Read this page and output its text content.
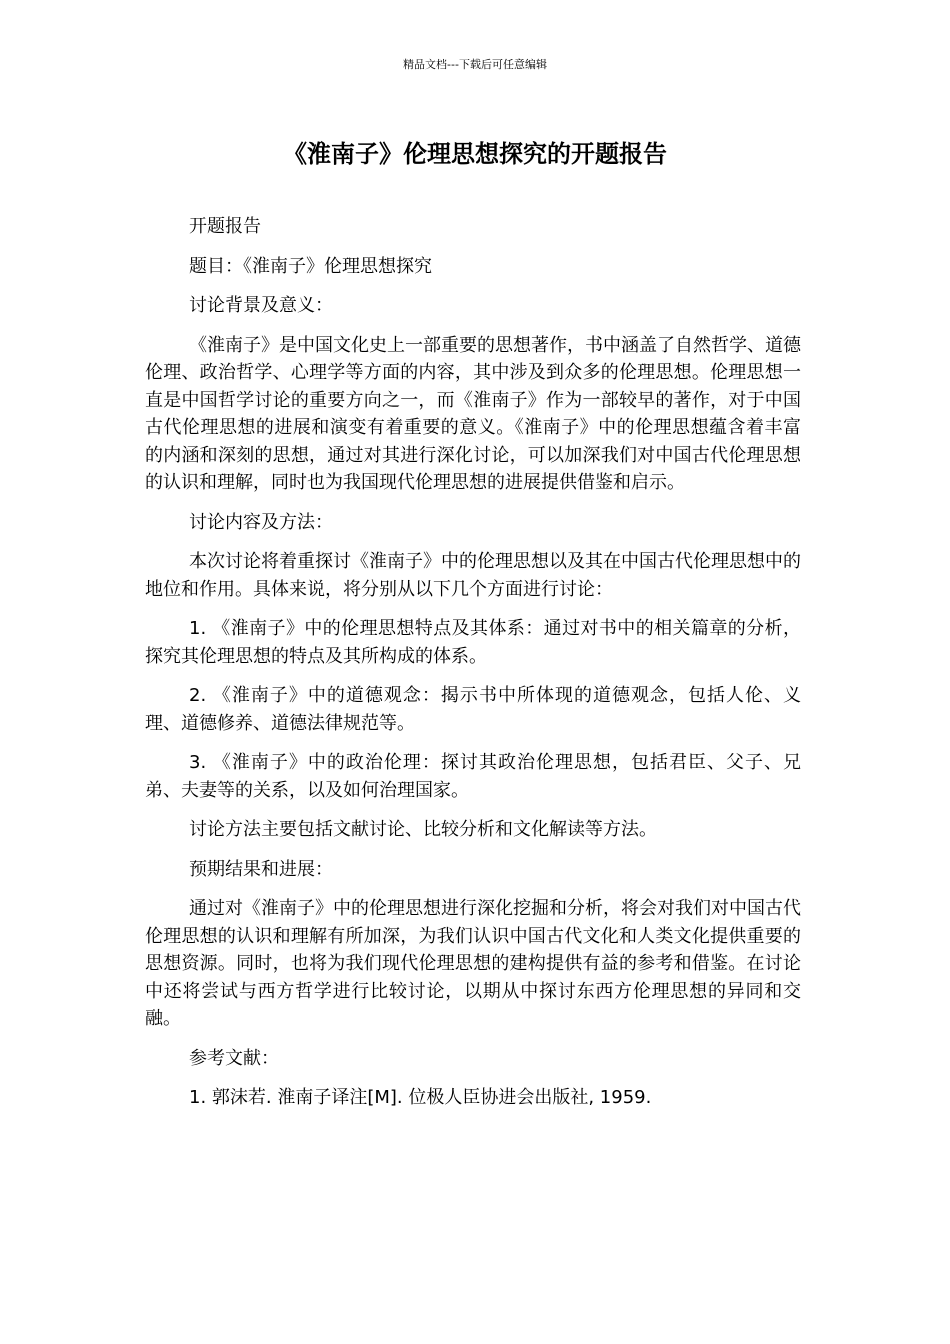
精品文档---下载后可任意编辑
《淮南子》伦理思想探究的开题报告

开题报告

题目：《淮南子》伦理思想探究

讨论背景及意义：

《淮南子》是中国文化史上一部重要的思想著作，书中涵盖了自然哲学、道德伦理、政治哲学、心理学等方面的内容，其中涉及到众多的伦理思想。伦理思想一直是中国哲学讨论的重要方向之一，而《淮南子》作为一部较早的著作，对于中国古代伦理思想的进展和演变有着重要的意义。《淮南子》中的伦理思想蕴含着丰富的内涵和深刻的思想，通过对其进行深化讨论，可以加深我们对中国古代伦理思想的认识和理解，同时也为我国现代伦理思想的进展提供借鉴和启示。

讨论内容及方法：

本次讨论将着重探讨《淮南子》中的伦理思想以及其在中国古代伦理思想中的地位和作用。具体来说，将分别从以下几个方面进行讨论：

1. 《淮南子》中的伦理思想特点及其体系：通过对书中的相关篇章的分析，探究其伦理思想的特点及其所构成的体系。

2. 《淮南子》中的道德观念：揭示书中所体现的道德观念，包括人伦、义理、道德修养、道德法律规范等。

3. 《淮南子》中的政治伦理：探讨其政治伦理思想，包括君臣、父子、兄弟、夫妻等的关系，以及如何治理国家。

讨论方法主要包括文献讨论、比较分析和文化解读等方法。

预期结果和进展：

通过对《淮南子》中的伦理思想进行深化挖掘和分析，将会对我们对中国古代伦理思想的认识和理解有所加深，为我们认识中国古代文化和人类文化提供重要的思想资源。同时，也将为我们现代伦理思想的建构提供有益的参考和借鉴。在讨论中还将尝试与西方哲学进行比较讨论，以期从中探讨东西方伦理思想的异同和交融。

参考文献：

1. 郭沫若. 淮南子译注[M]. 位极人臣协进会出版社, 1959.
